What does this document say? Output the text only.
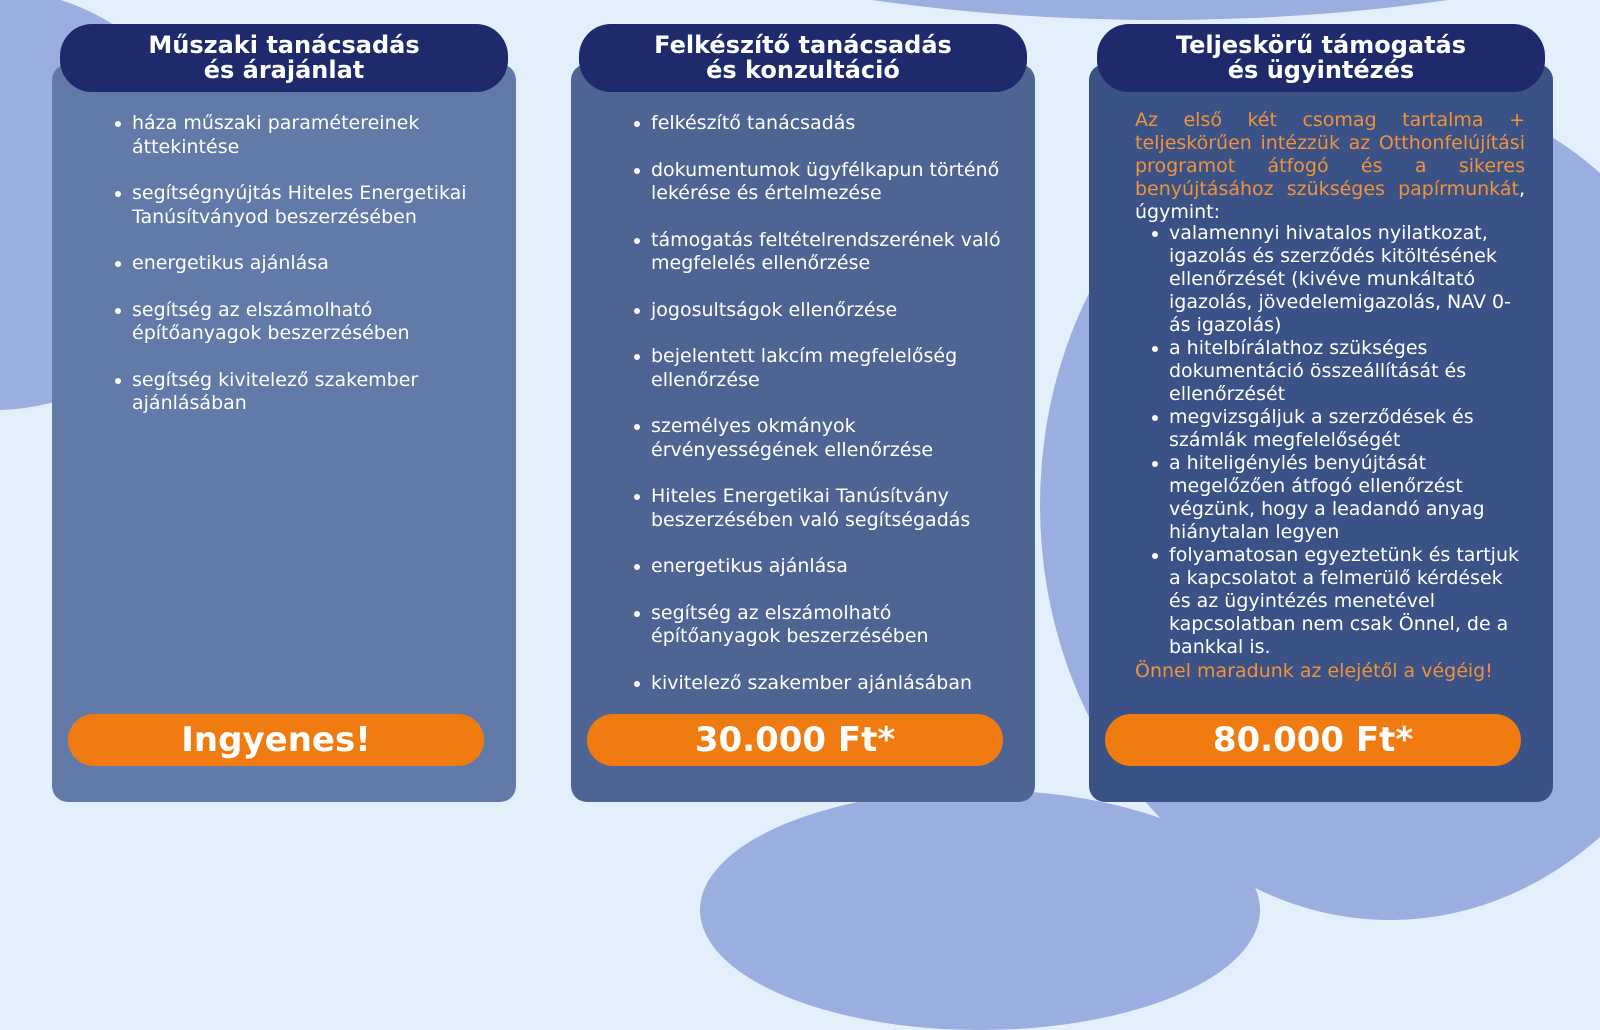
Műszaki tanácsadás
és árajánlat
háza műszaki paramétereinek áttekintése
segítségnyújtás Hiteles Energetikai Tanúsítványod beszerzésében
energetikus ajánlása
segítség az elszámolható építőanyagok beszerzésében
segítség kivitelező szakember ajánlásában
Ingyenes!
Felkészítő tanácsadás
és konzultáció
felkészítő tanácsadás
dokumentumok ügyfélkapun történő lekérése és értelmezése
támogatás feltételrendszerének való megfelelés ellenőrzése
jogosultságok ellenőrzése
bejelentett lakcím megfelelőség ellenőrzése
személyes okmányok érvényességének ellenőrzése
Hiteles Energetikai Tanúsítvány beszerzésében való segítségadás
energetikus ajánlása
segítség az elszámolható építőanyagok beszerzésében
kivitelező szakember ajánlásában
30.000 Ft*
Teljeskörű támogatás
és ügyintézés

Az első két csomag tartalma + teljeskörűen intézzük az Otthonfelújítási programot átfogó és a sikeres benyújtásához szükséges papírmunkát, úgymint:

valamennyi hivatalos nyilatkozat, igazolás és szerződés kitöltésének ellenőrzését (kivéve munkáltató igazolás, jövedelemigazolás, NAV 0-ás igazolás)
a hitelbírálathoz szükséges dokumentáció összeállítását és ellenőrzését
megvizsgáljuk a szerződések és számlák megfelelőségét
a hiteligénylés benyújtását megelőzően átfogó ellenőrzést végzünk, hogy a leadandó anyag hiánytalan legyen
folyamatosan egyeztetünk és tartjuk a kapcsolatot a felmerülő kérdések és az ügyintézés menetével kapcsolatban nem csak Önnel, de a bankkal is.

Önnel maradunk az elejétől a végéig!

80.000 Ft*
